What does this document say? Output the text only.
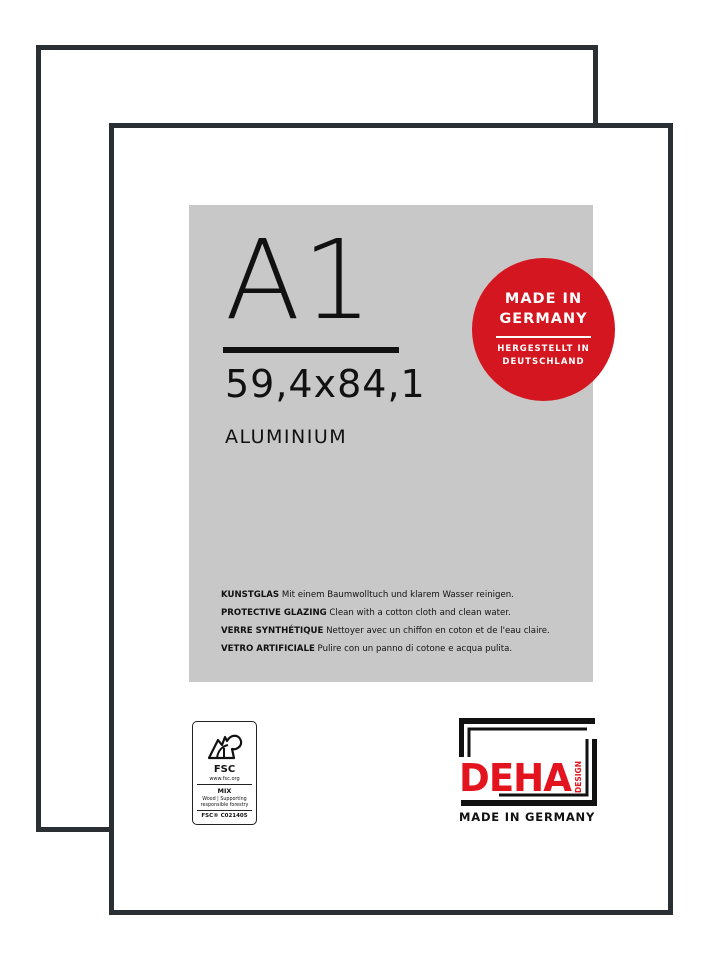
A1
59,4x84,1
ALUMINIUM
MADE IN
GERMANY
HERGESTELLT IN
DEUTSCHLAND
KUNSTGLAS Mit einem Baumwolltuch und klarem Wasser reinigen.
PROTECTIVE GLAZING Clean with a cotton cloth and clean water.
VERRE SYNTHÉTIQUE Nettoyer avec un chiffon en coton et de l'eau claire.
VETRO ARTIFICIALE Pulire con un panno di cotone e acqua pulita.
FSC
www.fsc.org
MIX
Wood | Supporting
responsible forestry
FSC® C021405
DEHA DESIGN
MADE IN GERMANY
